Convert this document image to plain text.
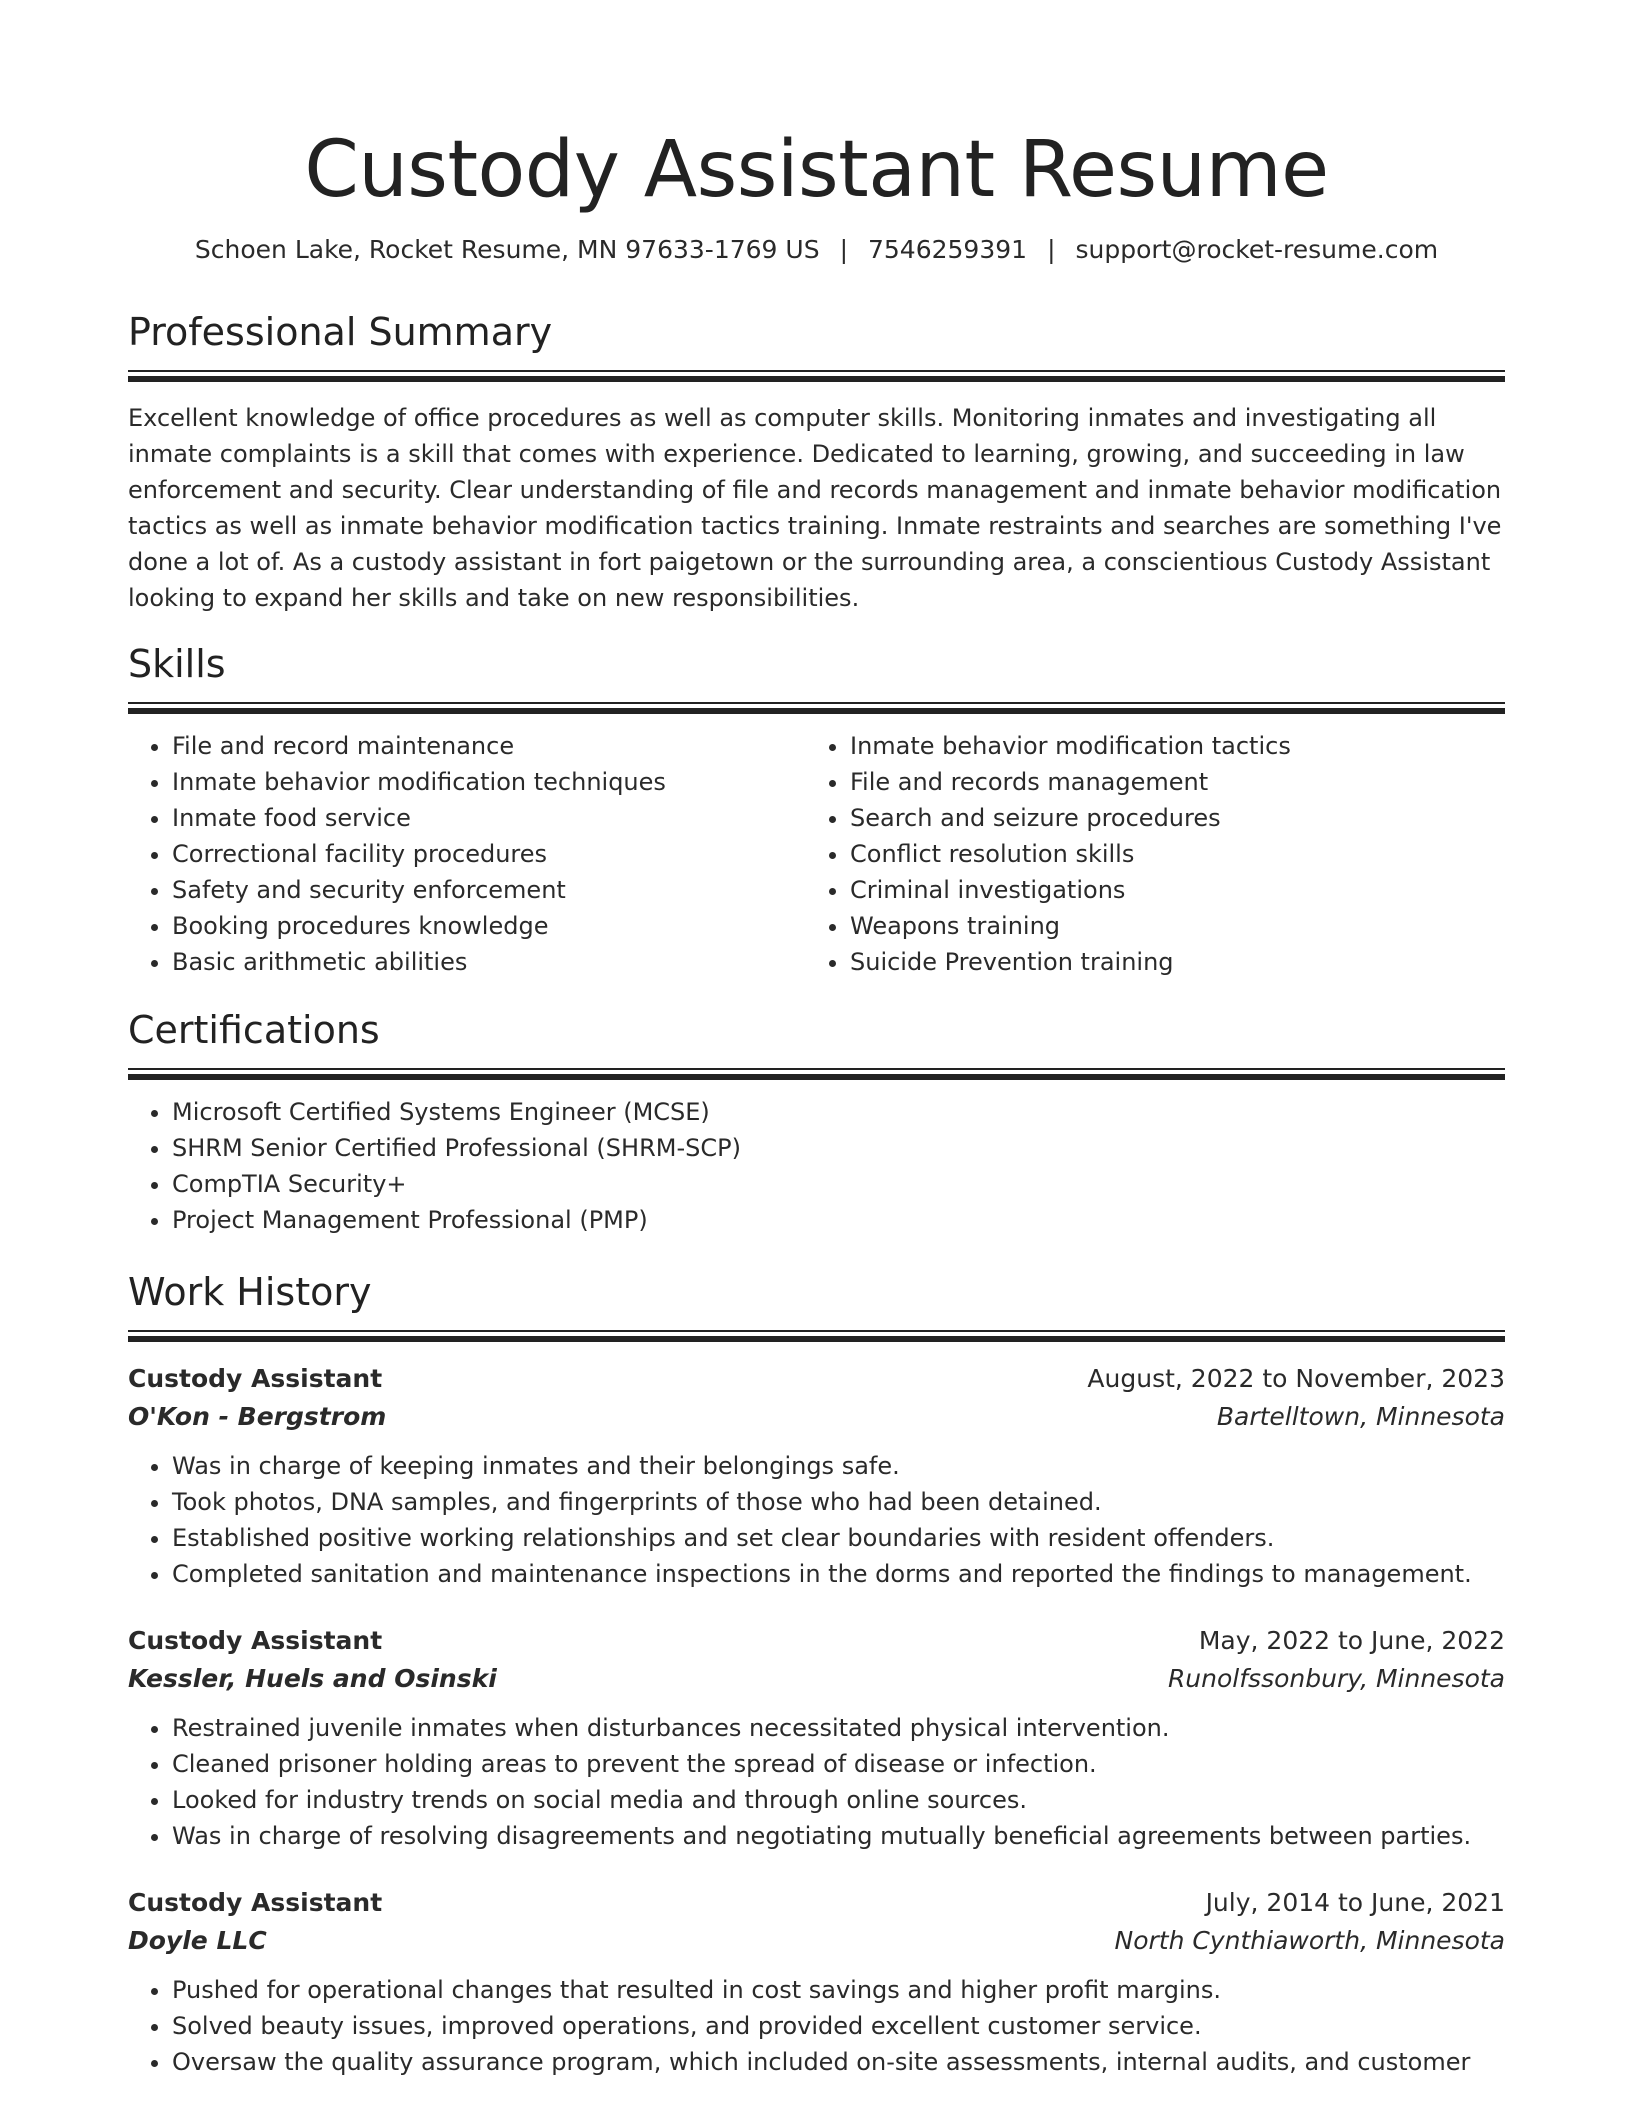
Custody Assistant Resume
Schoen Lake, Rocket Resume, MN 97633-1769 US | 7546259391 | support@rocket-resume.com
Professional Summary

Excellent knowledge of office procedures as well as computer skills. Monitoring inmates and investigating all inmate complaints is a skill that comes with experience. Dedicated to learning, growing, and succeeding in law enforcement and security. Clear understanding of file and records management and inmate behavior modification tactics as well as inmate behavior modification tactics training. Inmate restraints and searches are something I've done a lot of. As a custody assistant in fort paigetown or the surrounding area, a conscientious Custody Assistant looking to expand her skills and take on new responsibilities.

Skills
• File and record maintenance
• Inmate behavior modification techniques
• Inmate food service
• Correctional facility procedures
• Safety and security enforcement
• Booking procedures knowledge
• Basic arithmetic abilities
• Inmate behavior modification tactics
• File and records management
• Search and seizure procedures
• Conflict resolution skills
• Criminal investigations
• Weapons training
• Suicide Prevention training
Certifications
• Microsoft Certified Systems Engineer (MCSE)
• SHRM Senior Certified Professional (SHRM-SCP)
• CompTIA Security+
• Project Management Professional (PMP)
Work History
Custody Assistant	August, 2022 to November, 2023
O'Kon - Bergstrom	Bartelltown, Minnesota
• Was in charge of keeping inmates and their belongings safe.
• Took photos, DNA samples, and fingerprints of those who had been detained.
• Established positive working relationships and set clear boundaries with resident offenders.
• Completed sanitation and maintenance inspections in the dorms and reported the findings to management.
Custody Assistant	May, 2022 to June, 2022
Kessler, Huels and Osinski	Runolfssonbury, Minnesota
• Restrained juvenile inmates when disturbances necessitated physical intervention.
• Cleaned prisoner holding areas to prevent the spread of disease or infection.
• Looked for industry trends on social media and through online sources.
• Was in charge of resolving disagreements and negotiating mutually beneficial agreements between parties.
Custody Assistant	July, 2014 to June, 2021
Doyle LLC	North Cynthiaworth, Minnesota
• Pushed for operational changes that resulted in cost savings and higher profit margins.
• Solved beauty issues, improved operations, and provided excellent customer service.
• Oversaw the quality assurance program, which included on-site assessments, internal audits, and customer
